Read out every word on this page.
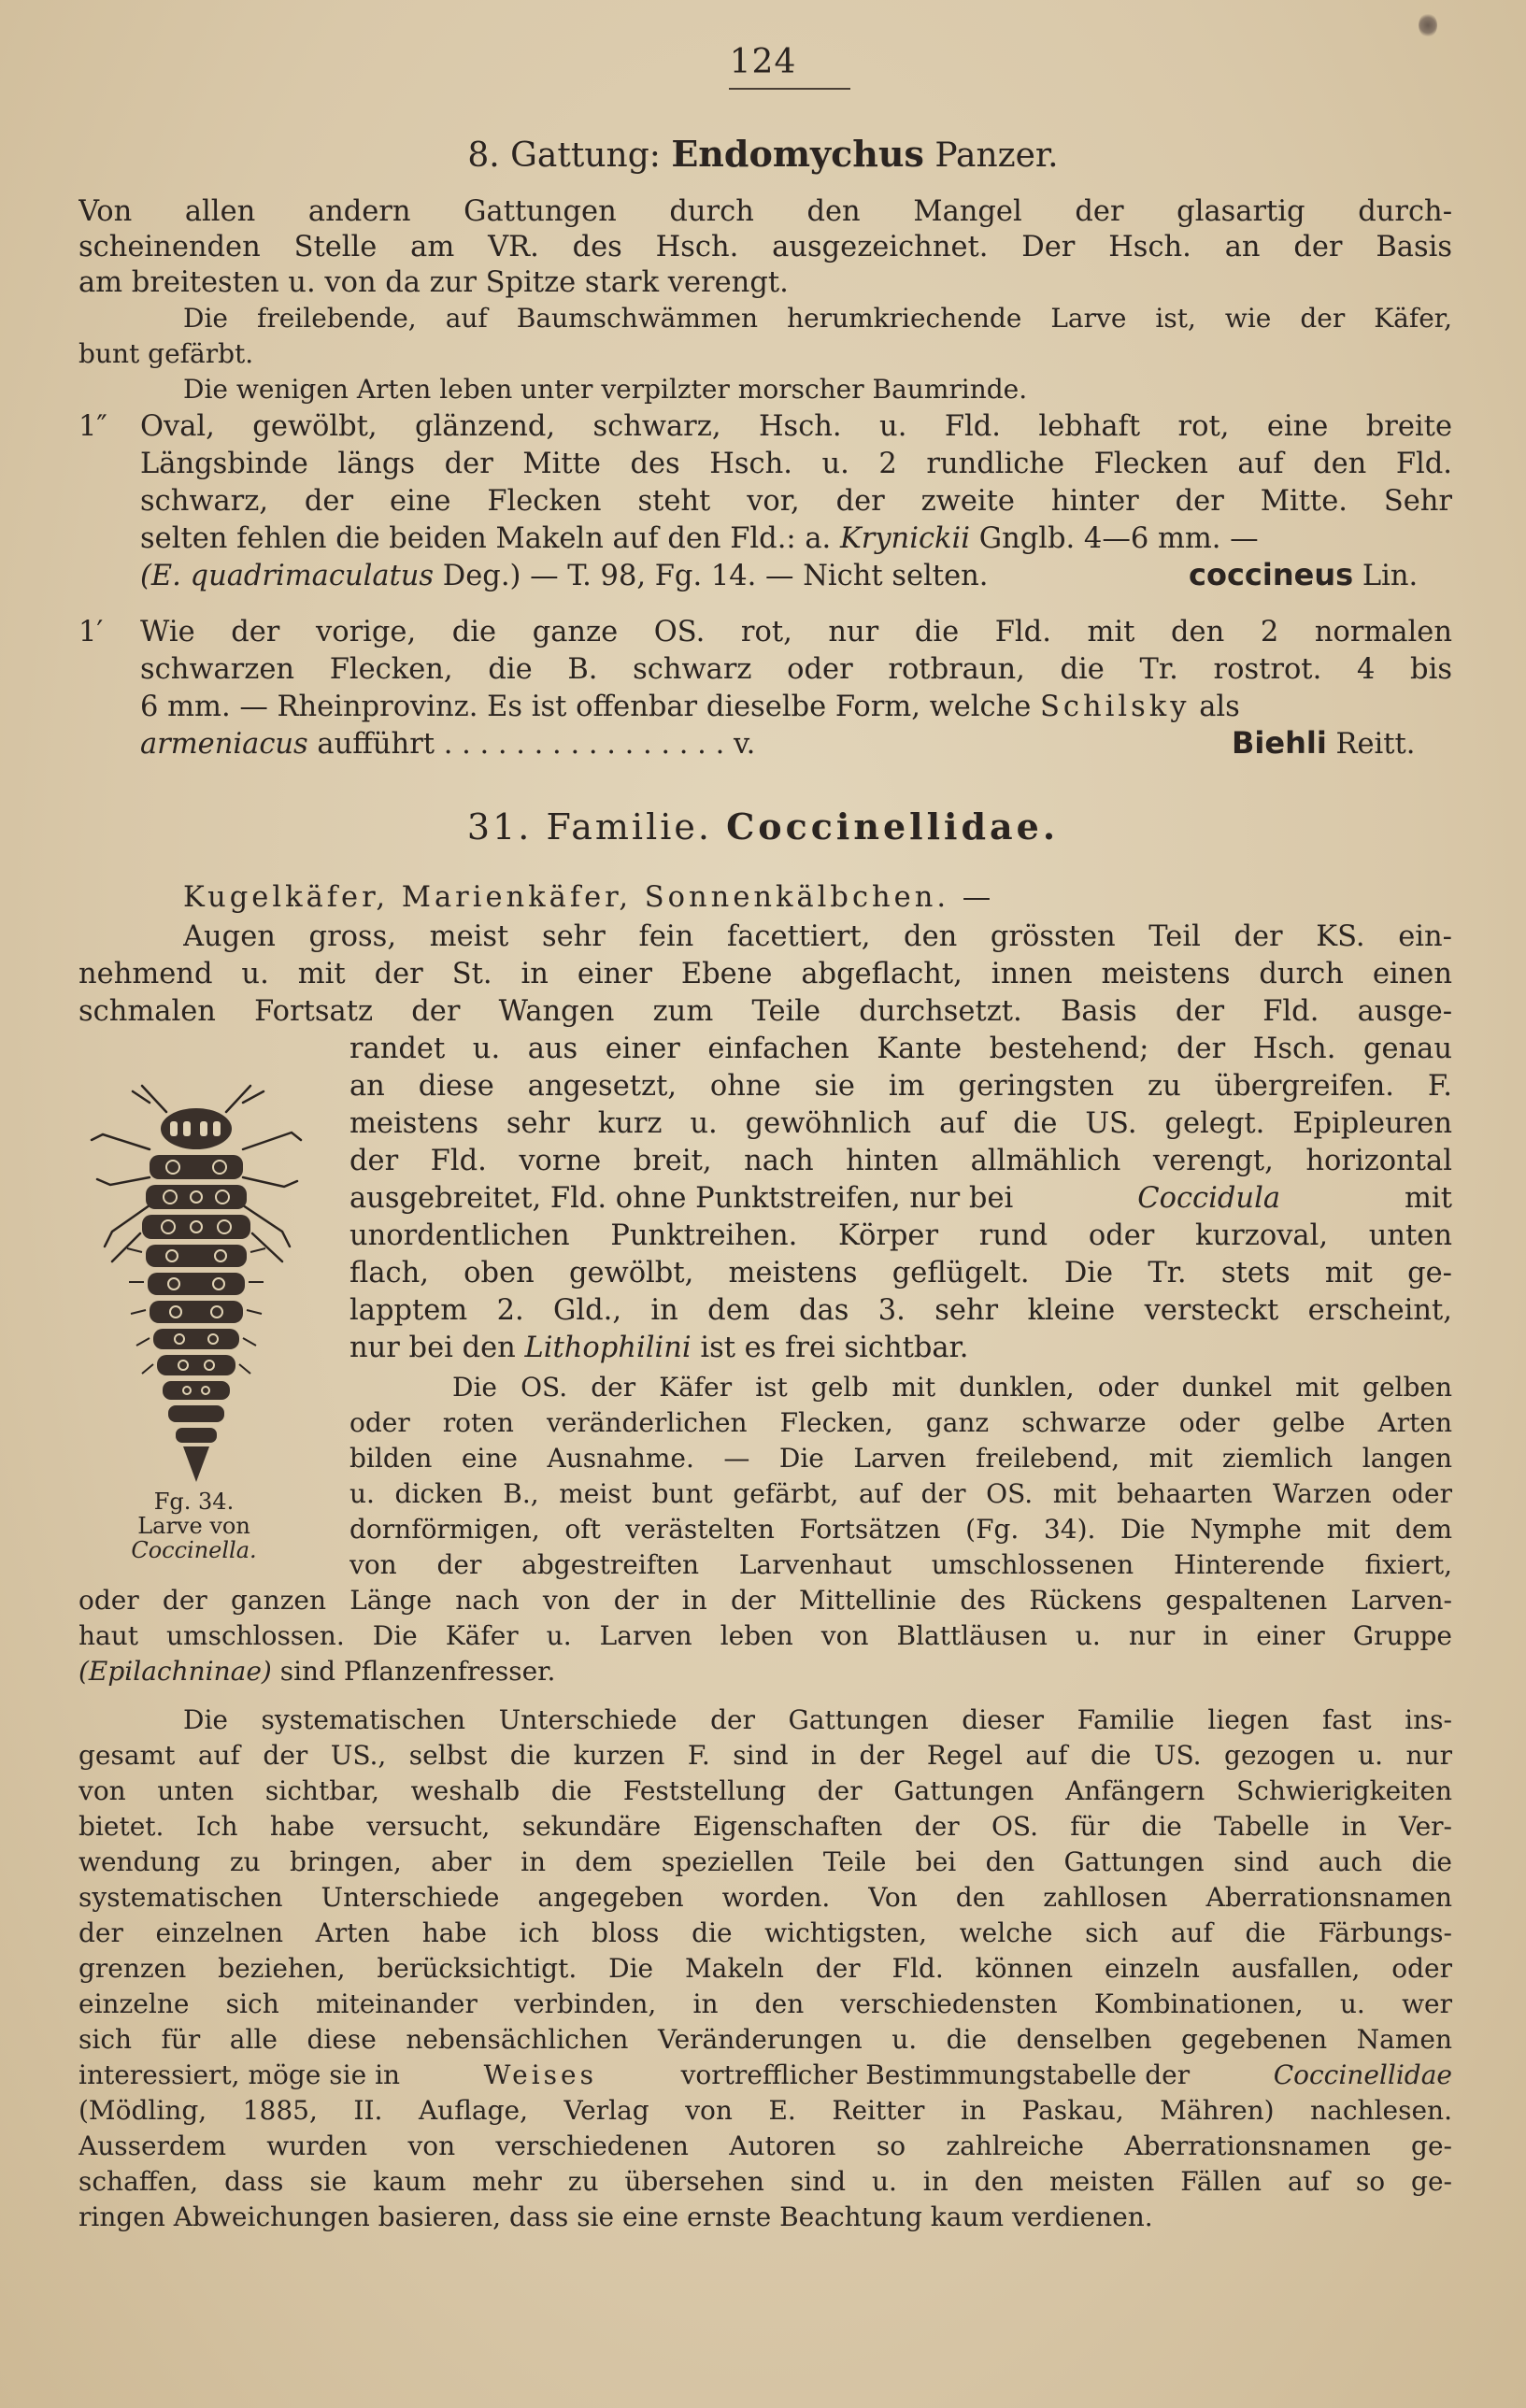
124
8. Gattung: Endomychus Panzer.
Von allen andern Gattungen durch den Mangel der glasartig durch-
scheinenden Stelle am VR. des Hsch. ausgezeichnet. Der Hsch. an der Basis
am breitesten u. von da zur Spitze stark verengt.
Die freilebende, auf Baumschwämmen herumkriechende Larve ist, wie der Käfer,
bunt gefärbt.
Die wenigen Arten leben unter verpilzter morscher Baumrinde.
1″ Oval, gewölbt, glänzend, schwarz, Hsch. u. Fld. lebhaft rot, eine breite
Längsbinde längs der Mitte des Hsch. u. 2 rundliche Flecken auf den Fld.
schwarz, der eine Flecken steht vor, der zweite hinter der Mitte. Sehr
selten fehlen die beiden Makeln auf den Fld.: a. Krynickii Gnglb. 4—6 mm. —
(E. quadrimaculatus Deg.) — T. 98, Fg. 14. — Nicht selten.	coccineus Lin.
1′ Wie der vorige, die ganze OS. rot, nur die Fld. mit den 2 normalen
schwarzen Flecken, die B. schwarz oder rotbraun, die Tr. rostrot. 4 bis
6 mm. — Rheinprovinz. Es ist offenbar dieselbe Form, welche Schilsky als
armeniacus aufführt . . . . . . . . . . . . . . . . v.	Biehli Reitt.
31. Familie. Coccinellidae.
Kugelkäfer, Marienkäfer, Sonnenkälbchen. —
Augen gross, meist sehr fein facettiert, den grössten Teil der KS. ein-
nehmend u. mit der St. in einer Ebene abgeflacht, innen meistens durch einen
schmalen Fortsatz der Wangen zum Teile durchsetzt. Basis der Fld. ausge-
randet u. aus einer einfachen Kante bestehend; der Hsch. genau
an diese angesetzt, ohne sie im geringsten zu übergreifen. F.
meistens sehr kurz u. gewöhnlich auf die US. gelegt. Epipleuren
der Fld. vorne breit, nach hinten allmählich verengt, horizontal
ausgebreitet, Fld. ohne Punktstreifen, nur bei	Coccidula	mit
unordentlichen Punktreihen. Körper rund oder kurzoval, unten
flach, oben gewölbt, meistens geflügelt. Die Tr. stets mit ge-
lapptem 2. Gld., in dem das 3. sehr kleine versteckt erscheint,
nur bei den Lithophilini ist es frei sichtbar.
Die OS. der Käfer ist gelb mit dunklen, oder dunkel mit gelben
oder roten veränderlichen Flecken, ganz schwarze oder gelbe Arten
bilden eine Ausnahme. — Die Larven freilebend, mit ziemlich langen
u. dicken B., meist bunt gefärbt, auf der OS. mit behaarten Warzen oder
dornförmigen, oft verästelten Fortsätzen (Fg. 34). Die Nymphe mit dem
von der abgestreiften Larvenhaut umschlossenen Hinterende fixiert,
oder der ganzen Länge nach von der in der Mittellinie des Rückens gespaltenen Larven-
haut umschlossen. Die Käfer u. Larven leben von Blattläusen u. nur in einer Gruppe
(Epilachninae) sind Pflanzenfresser.
Die systematischen Unterschiede der Gattungen dieser Familie liegen fast ins-
gesamt auf der US., selbst die kurzen F. sind in der Regel auf die US. gezogen u. nur
von unten sichtbar, weshalb die Feststellung der Gattungen Anfängern Schwierigkeiten
bietet. Ich habe versucht, sekundäre Eigenschaften der OS. für die Tabelle in Ver-
wendung zu bringen, aber in dem speziellen Teile bei den Gattungen sind auch die
systematischen Unterschiede angegeben worden. Von den zahllosen Aberrationsnamen
der einzelnen Arten habe ich bloss die wichtigsten, welche sich auf die Färbungs-
grenzen beziehen, berücksichtigt. Die Makeln der Fld. können einzeln ausfallen, oder
einzelne sich miteinander verbinden, in den verschiedensten Kombinationen, u. wer
sich für alle diese nebensächlichen Veränderungen u. die denselben gegebenen Namen
interessiert, möge sie in	Weises	vortrefflicher Bestimmungstabelle der	Coccinellidae
(Mödling, 1885, II. Auflage, Verlag von E. Reitter in Paskau, Mähren) nachlesen.
Ausserdem wurden von verschiedenen Autoren so zahlreiche Aberrationsnamen ge-
schaffen, dass sie kaum mehr zu übersehen sind u. in den meisten Fällen auf so ge-
ringen Abweichungen basieren, dass sie eine ernste Beachtung kaum verdienen.
Fg. 34.
Larve von
Coccinella.
